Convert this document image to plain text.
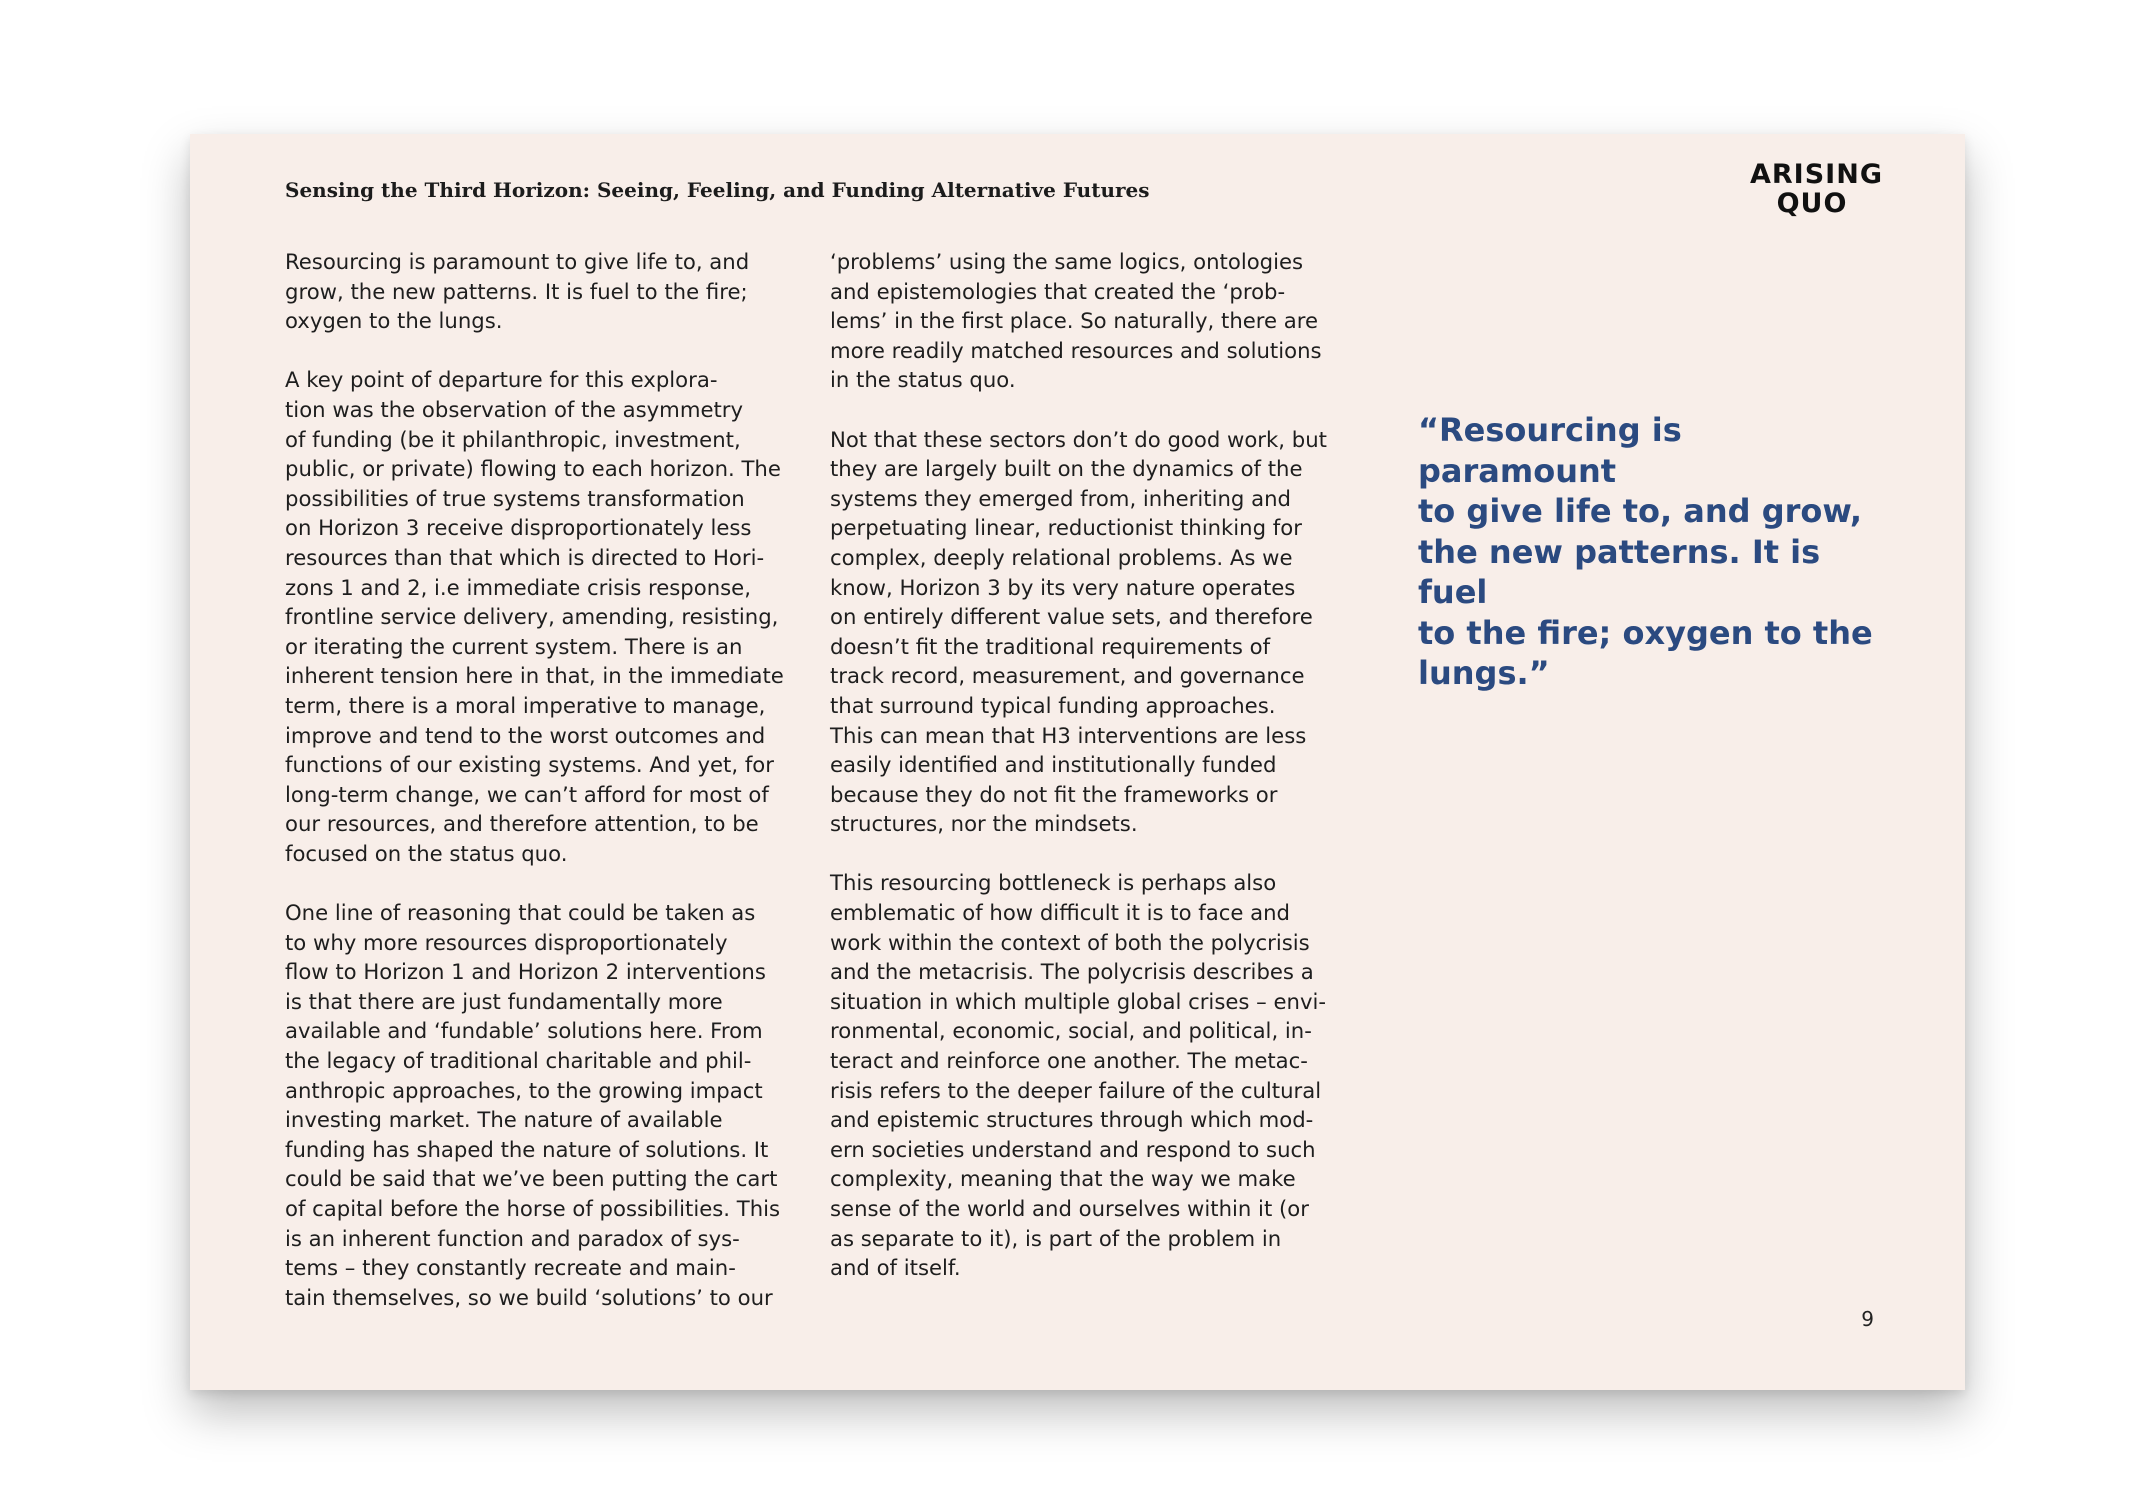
Sensing the Third Horizon: Seeing, Feeling, and Funding Alternative Futures	ARISING
QUO

Resourcing is paramount to give life to, and
grow, the new patterns. It is fuel to the fire;
oxygen to the lungs.

A key point of departure for this explora-
tion was the observation of the asymmetry
of funding (be it philanthropic, investment,
public, or private) flowing to each horizon. The
possibilities of true systems transformation
on Horizon 3 receive disproportionately less
resources than that which is directed to Hori-
zons 1 and 2, i.e immediate crisis response,
frontline service delivery, amending, resisting,
or iterating the current system. There is an
inherent tension here in that, in the immediate
term, there is a moral imperative to manage,
improve and tend to the worst outcomes and
functions of our existing systems. And yet, for
long-term change, we can’t afford for most of
our resources, and therefore attention, to be
focused on the status quo.

One line of reasoning that could be taken as
to why more resources disproportionately
flow to Horizon 1 and Horizon 2 interventions
is that there are just fundamentally more
available and ‘fundable’ solutions here. From
the legacy of traditional charitable and phil-
anthropic approaches, to the growing impact
investing market. The nature of available
funding has shaped the nature of solutions. It
could be said that we’ve been putting the cart
of capital before the horse of possibilities. This
is an inherent function and paradox of sys-
tems – they constantly recreate and main-
tain themselves, so we build ‘solutions’ to our

‘problems’ using the same logics, ontologies
and epistemologies that created the ‘prob-
lems’ in the first place. So naturally, there are
more readily matched resources and solutions
in the status quo.

Not that these sectors don’t do good work, but
they are largely built on the dynamics of the
systems they emerged from, inheriting and
perpetuating linear, reductionist thinking for
complex, deeply relational problems. As we
know, Horizon 3 by its very nature operates
on entirely different value sets, and therefore
doesn’t fit the traditional requirements of
track record, measurement, and governance
that surround typical funding approaches.
This can mean that H3 interventions are less
easily identified and institutionally funded
because they do not fit the frameworks or
structures, nor the mindsets.

This resourcing bottleneck is perhaps also
emblematic of how difficult it is to face and
work within the context of both the polycrisis
and the metacrisis. The polycrisis describes a
situation in which multiple global crises – envi-
ronmental, economic, social, and political, in-
teract and reinforce one another. The metac-
risis refers to the deeper failure of the cultural
and epistemic structures through which mod-
ern societies understand and respond to such
complexity, meaning that the way we make
sense of the world and ourselves within it (or
as separate to it), is part of the problem in
and of itself.

“Resourcing is paramount
to give life to, and grow,
the new patterns. It is fuel
to the fire; oxygen to the
lungs.”
9
